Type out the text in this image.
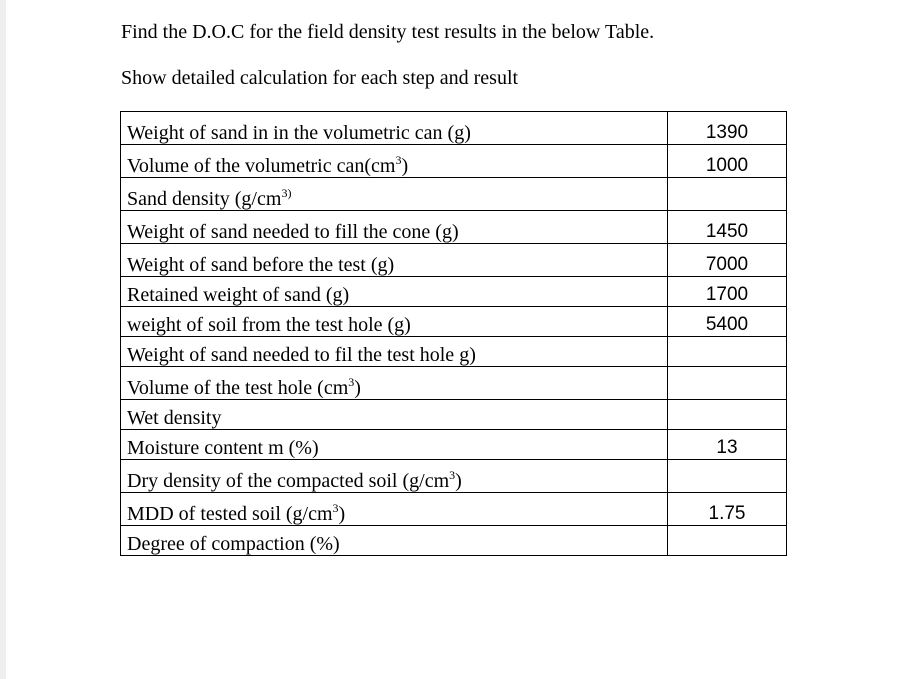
Find the D.O.C for the field density test results in the below Table.
Show detailed calculation for each step and result
Weight of sand in in the volumetric can (g)	1390
Volume of the volumetric $can(cm^3)$	1000
Sand density ($g/cm^{3)}$	
Weight of sand needed to fill the cone (g)	1450
Weight of sand before the test (g)	7000
Retained weight of sand (g)	1700
weight of soil from the test hole (g)	5400
Weight of sand needed to fil the test hole g)	
Volume of the test hole $(cm^3)$	
Wet density	
Moisture content m (%)	13
Dry density of the compacted soil $(g/cm^3)$	
MDD of tested soil $(g/cm^3)$	1.75
Degree of compaction (%)	
